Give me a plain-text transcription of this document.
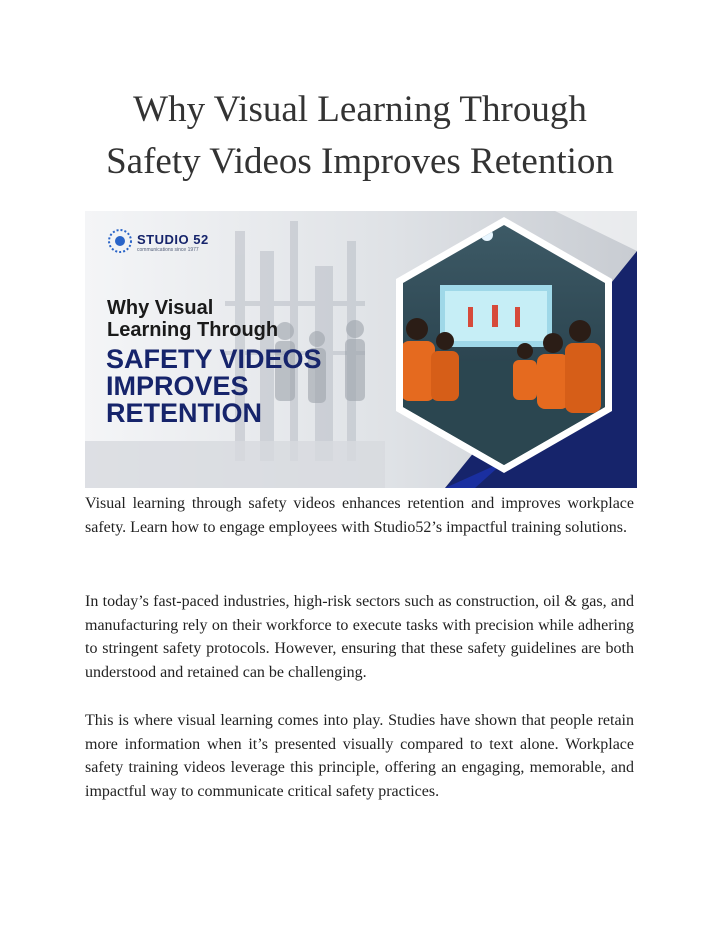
Why Visual Learning Through
Safety Videos Improves Retention
STUDIO 52
communications since 1977
Why Visual
Learning Through
SAFETY VIDEOS
IMPROVES
RETENTION

Visual learning through safety videos enhances retention and improves workplace safety. Learn how to engage employees with Studio52’s impactful training solutions.

In today’s fast-paced industries, high-risk sectors such as construction, oil & gas, and manufacturing rely on their workforce to execute tasks with precision while adhering to stringent safety protocols. However, ensuring that these safety guidelines are both understood and retained can be challenging.

This is where visual learning comes into play. Studies have shown that people retain more information when it’s presented visually compared to text alone. Workplace safety training videos leverage this principle, offering an engaging, memorable, and impactful way to communicate critical safety practices.
